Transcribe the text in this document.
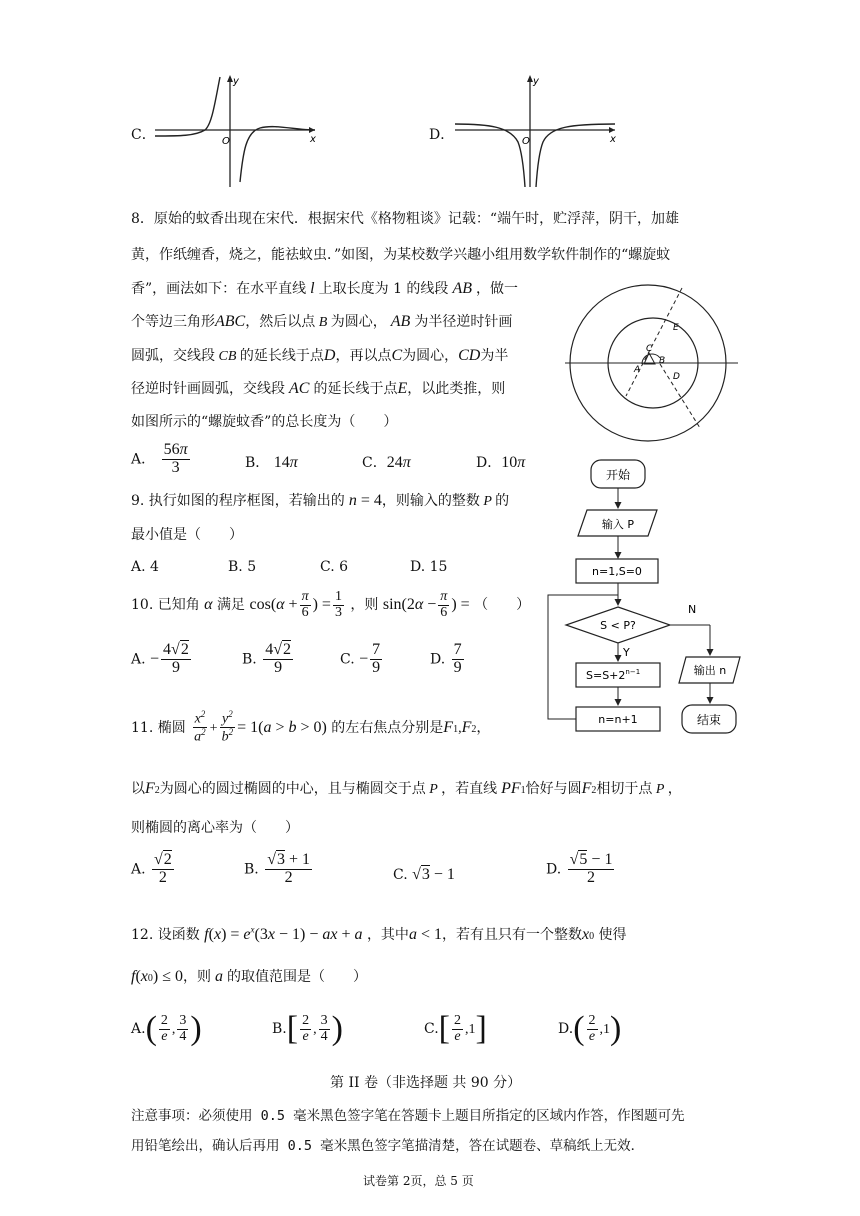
C．
y
x
O	D．
y
x
O
8．原始的蚊香出现在宋代．根据宋代《格物粗谈》记载：“端午时，贮浮萍，阴干，加雄
黄，作纸缠香，烧之，能祛蚊虫．”如图，为某校数学兴趣小组用数学软件制作的“螺旋蚊
香”，画法如下：在水平直线 l 上取长度为 1 的线段 AB ，做一
个等边三角形ABC，然后以点 B 为圆心， AB 为半径逆时针画
圆弧，交线段 CB 的延长线于点D，再以点C为圆心，CD为半
径逆时针画圆弧，交线段 AC 的延长线于点E，以此类推，则
如图所示的“螺旋蚊香”的总长度为（　　）
A． $\frac{56\pi}{3}$	B． 14π	C．24π	D．10π
A
B
C
D
E
9. 执行如图的程序框图，若输出的 n = 4，则输入的整数 P 的
最小值是（　　）
A. 4	B. 5	C. 6	D. 15
开始
输入 P
n=1,S=0
S < P?
N
Y
$S=S+2^{n-1}$
n=n+1
输出 n
结束
10. 已知角 α 满足 $\cos(\alpha + \frac{\pi}{6}$ ) = $\frac{1}{3}$ ，则 $\sin(2\alpha - \frac{\pi}{6}$ ) = （　　）
A. − $\frac{4√2}{9}$	B. $\frac{4√2}{9}$	C. − $\frac{7}{9}$	D. $\frac{7}{9}$
11. 椭圆 $\frac{x^2}{a^2} + \frac{y^2}{b^2} = 1(a > b > 0)$ 的左右焦点分别是F1,F2，
以F2为圆心的圆过椭圆的中心，且与椭圆交于点 P ，若直线 PF1恰好与圆F2相切于点 P ，
则椭圆的离心率为（　　）
A. $\frac{√2}{2}$	B. $\frac{√3 + 1}{2}$	C. √3 − 1	D. $\frac{√5 - 1}{2}$
12. 设函数 $f(x) = e^x(3x - 1)$ − ax + a ，其中a < 1，若有且只有一个整数x0 使得
f(x0) ≤ 0，则 a 的取值范围是（　　）
$A.( \frac{2}{e}$ , $\frac{3}{4}$ )	$B.[ \frac{2}{e}$ , $\frac{3}{4}$ )	$C.[ \frac{2}{e} ,1]$	$D.( \frac{2}{e} ,1)$
第 II 卷（非选择题 共 90 分）
注意事项：必须使用 0.5 毫米黑色签字笔在答题卡上题目所指定的区域内作答，作图题可先
用铅笔绘出，确认后再用 0.5 毫米黑色签字笔描清楚，答在试题卷、草稿纸上无效．
试卷第 2页，总 5 页
